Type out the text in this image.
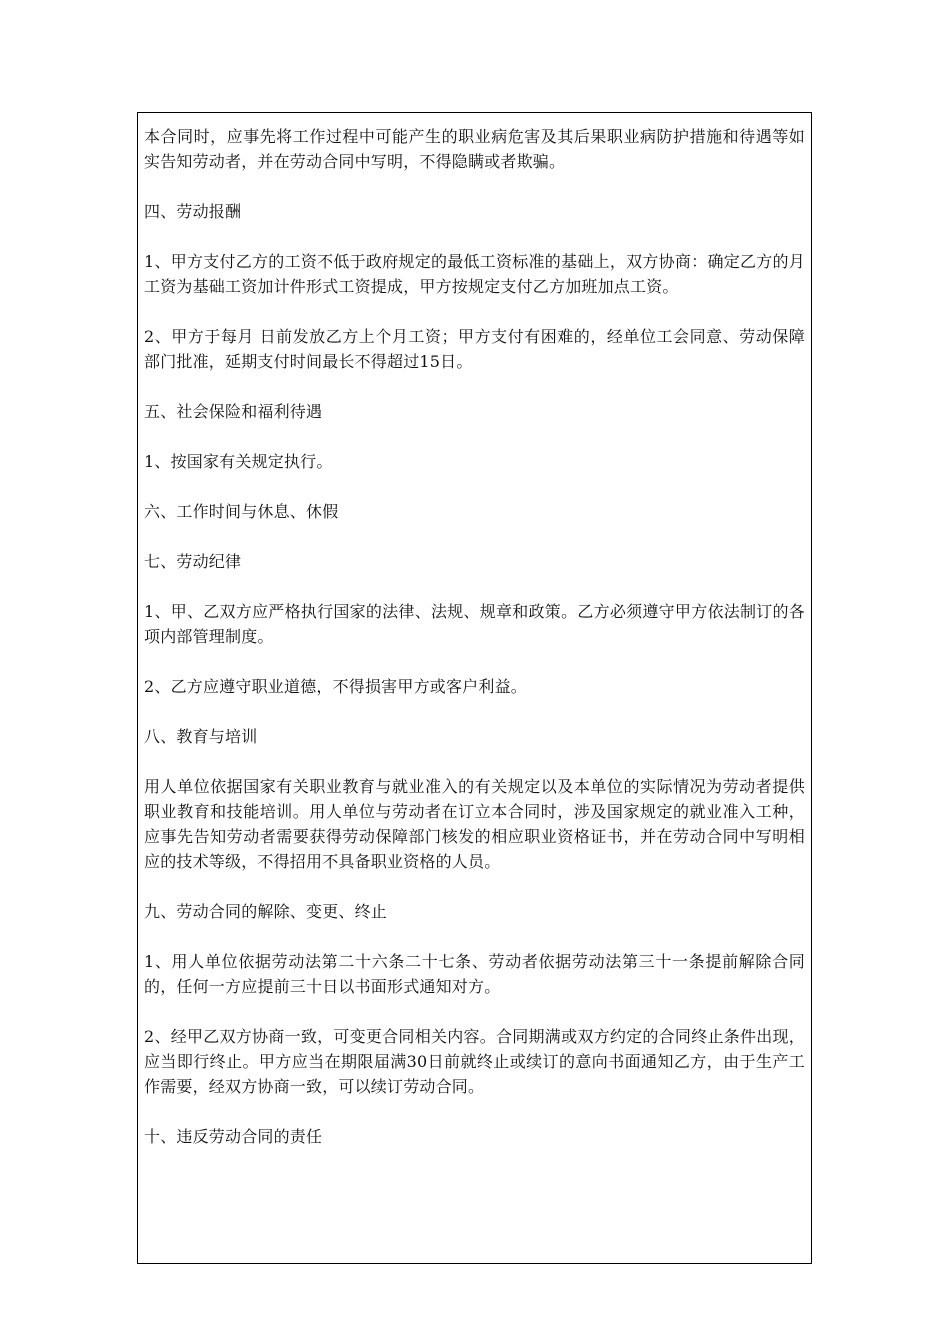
本合同时，应事先将工作过程中可能产生的职业病危害及其后果职业病防护措施和待遇等如实告知劳动者，并在劳动合同中写明，不得隐瞒或者欺骗。

四、劳动报酬

1、甲方支付乙方的工资不低于政府规定的最低工资标准的基础上，双方协商：确定乙方的月工资为基础工资加计件形式工资提成，甲方按规定支付乙方加班加点工资。

2、甲方于每月 日前发放乙方上个月工资；甲方支付有困难的，经单位工会同意、劳动保障部门批准，延期支付时间最长不得超过15日。

五、社会保险和福利待遇

1、按国家有关规定执行。

六、工作时间与休息、休假

七、劳动纪律

1、甲、乙双方应严格执行国家的法律、法规、规章和政策。乙方必须遵守甲方依法制订的各项内部管理制度。

2、乙方应遵守职业道德，不得损害甲方或客户利益。

八、教育与培训

用人单位依据国家有关职业教育与就业准入的有关规定以及本单位的实际情况为劳动者提供职业教育和技能培训。用人单位与劳动者在订立本合同时，涉及国家规定的就业准入工种，应事先告知劳动者需要获得劳动保障部门核发的相应职业资格证书，并在劳动合同中写明相应的技术等级，不得招用不具备职业资格的人员。

九、劳动合同的解除、变更、终止

1、用人单位依据劳动法第二十六条二十七条、劳动者依据劳动法第三十一条提前解除合同的，任何一方应提前三十日以书面形式通知对方。

2、经甲乙双方协商一致，可变更合同相关内容。合同期满或双方约定的合同终止条件出现，应当即行终止。甲方应当在期限届满30日前就终止或续订的意向书面通知乙方，由于生产工作需要，经双方协商一致，可以续订劳动合同。

十、违反劳动合同的责任
